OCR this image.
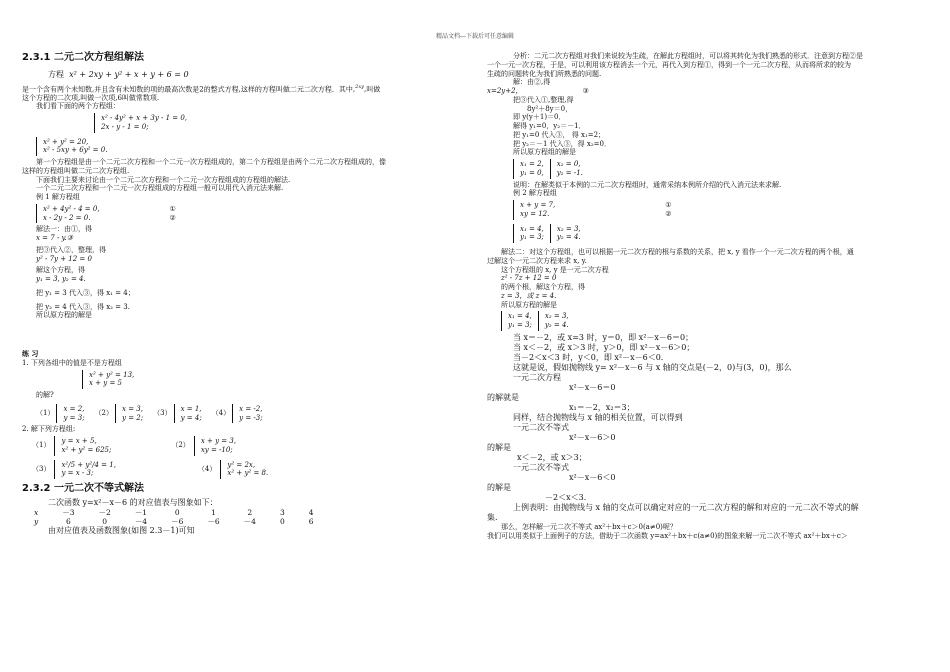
精品文档---下载后可任意编辑
2.3.1 二元二次方程组解法

方程 x² + 2xy + y² + x + y + 6 = 0

是一个含有两个未知数,并且含有未知数的项的最高次数是2的整式方程,这样的方程叫做二元二次方程．其中,$^{2xy}$,叫做

这个方程的二次项,叫做一次项,6叫做常数项.

我们看下面的两个方程组：

x² - 4y² + x + 3y - 1 = 0,

2x - y - 1 = 0;

x² + y² = 20,

x² - 5xy + 6y² = 0.

第一个方程组是由一个二元二次方程和一个二元一次方程组成的，第二个方程组是由两个二元二次方程组成的，像

这样的方程组叫做二元二次方程组.

下面我们主要来讨论由一个二元二次方程和一个二元一次方程组成的方程组的解法.

一个二元二次方程和一个二元一次方程组成的方程组一般可以用代入消元法来解.

例 1 解方程组

x² + 4y² - 4 = 0,

x - 2y - 2 = 0.

①
②

解法一：由①，得

x = 7 - y.③

把③代入②，整理，得

y² - 7y + 12 = 0

解这个方程，得

y₁ = 3, y₂ = 4.

把 y₁ = 3 代入③，得 x₁ = 4；

把 y₂ = 4 代入③，得 x₂ = 3.

所以原方程的解是

练 习

1. 下列各组中的值是不是方程组

x² + y² = 13,

x + y = 5

的解?

（1）

x = 2,

y = 3;

（2）

x = 3,

y = 2;

（3）

x = 1,

y = 4;

（4）

x = -2,

y = -3;

2. 解下列方程组:

（1）

y = x + 5,

x² + y² = 625;

（2）

x + y = 3,

xy = -10;

（3）

x²/5 + y²/4 = 1,

y = x - 3;

（4）

y² = 2x,

x² + y² = 8.

2.3.2 一元二次不等式解法

二次函数 y=x²－x－6 的对应值表与图象如下：

x	－3	－2	－1	0	1	2	3	4
y	6	0	－4	－6	－6	－4	0	6

由对应值表及函数图象(如图 2.3－1)可知

分析：二元二次方程组对我们来说较为生疏，在解此方程组时，可以将其转化为我们熟悉的形式．注意到方程②是

一个一元一次方程，于是，可以利用该方程消去一个元，再代入到方程①，得到一个一元二次方程，从而将所求的较为

生疏的问题转化为我们所熟悉的问题.

解：由②,得

x=2y+2，	③

把③代入①,整理,得

8y²＋8y＝0，

即 y(y＋1)＝0．

解得 y₁=0，y₂＝－1．

把 y₁=0 代入③， 得 x₁=2；

把 y₂＝－1 代入③，得 x₂=0．

所以原方程组的解是

x₁ = 2,

y₁ = 0,

x₂ = 0,

y₂ = -1.

说明：在解类似于本例的二元二次方程组时，通常采纳本例所介绍的代入消元法来求解.

例 2 解方程组

x + y = 7,

xy = 12.

①
②

x₁ = 4,

y₁ = 3;

x₂ = 3,

y₂ = 4.

解法二：对这个方程组，也可以根据一元二次方程的根与系数的关系，把 x, y 看作一个一元二次方程的两个根，通

过解这个一元二次方程来求 x, y.

这个方程组的 x, y 是一元二次方程

z² - 7z + 12 = 0

的两个根，解这个方程，得

z = 3，或 z = 4.

所以原方程的解是

x₁ = 4,

y₁ = 3;

x₂ = 3,

y₂ = 4.

当 x＝－2，或 x=3 时，y＝0，即 x²－x－6＝0；

当 x＜－2，或 x＞3 时，y＞0，即 x²－x－6＞0；

当－2＜x＜3 时，y＜0，即 x²－x－6＜0．

这就是说，假如抛物线 y= x²－x－6 与 x 轴的交点是(－2，0)与(3，0)，那么

一元二次方程

x²－x－6＝0

的解就是

x₁＝－2，x₂＝3；

同样，结合抛物线与 x 轴的相关位置，可以得到

一元二次不等式

x²－x－6＞0

的解是

x＜－2，或 x＞3；

一元二次不等式

x²－x－6＜0

的解是

－2＜x＜3．

上例表明：由抛物线与 x 轴的交点可以确定对应的一元二次方程的解和对应的一元二次不等式的解

集.

那么，怎样解一元二次不等式 ax²＋bx＋c＞0(a≠0)呢？

我们可以用类似于上面例子的方法，借助于二次函数 y=ax²＋bx＋c(a≠0)的图象来解一元二次不等式 ax²＋bx＋c＞
